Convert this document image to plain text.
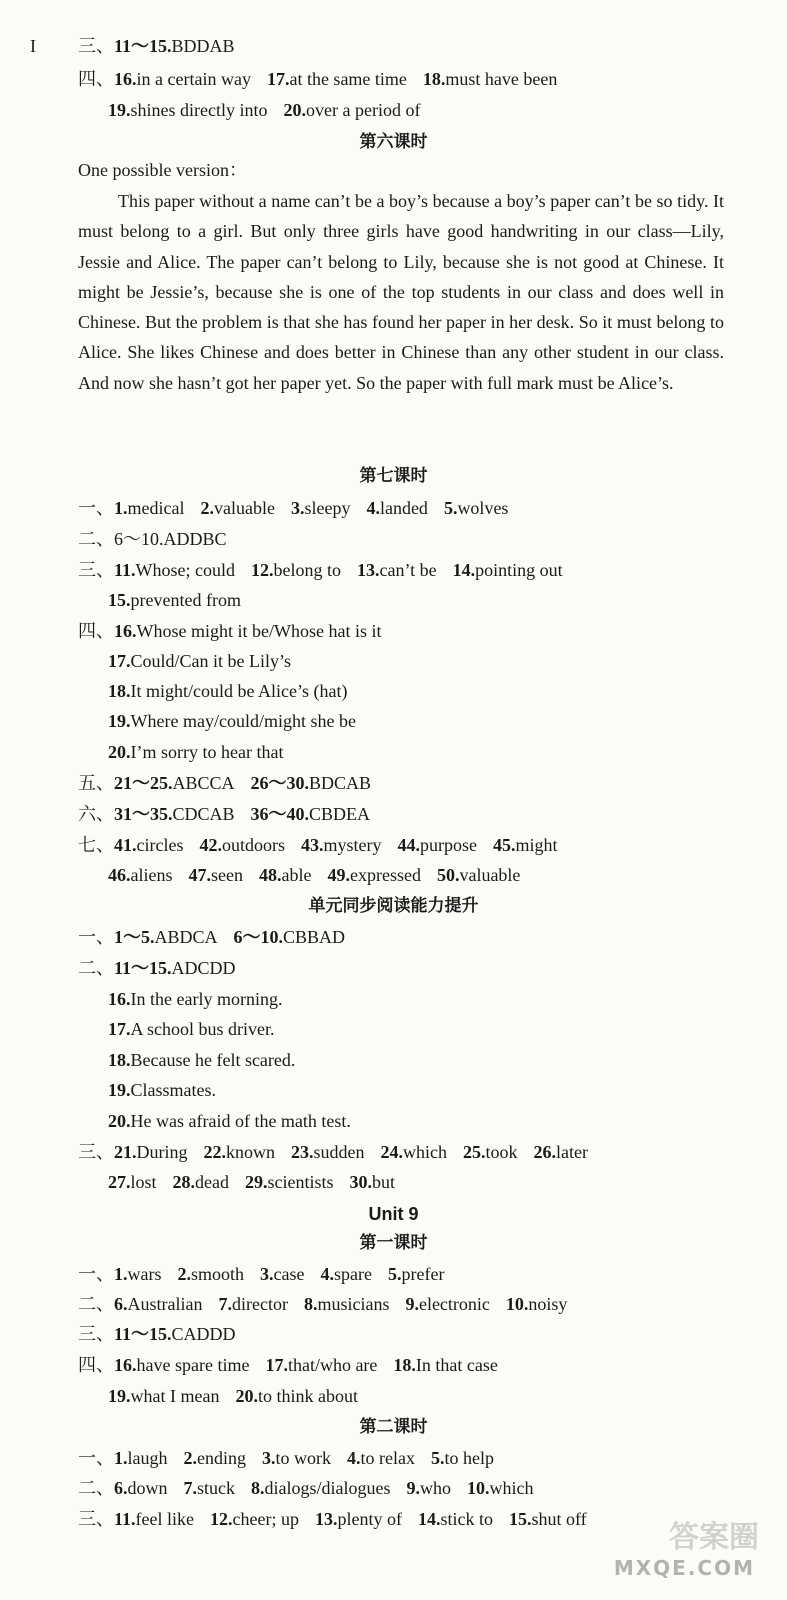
I 三、11～15.BDDAB
四、16.in a certain way 17.at the same time 18.must have been
19.shines directly into 20.over a period of
第六课时
One possible version：
This paper without a name can’t be a boy’s because a boy’s paper can’t be so tidy. It must belong to a girl. But only three girls have good handwriting in our class—Lily, Jessie and Alice. The paper can’t belong to Lily, because she is not good at Chinese. It might be Jessie’s, because she is one of the top students in our class and does well in Chinese. But the problem is that she has found her paper in her desk. So it must belong to Alice. She likes Chinese and does better in Chinese than any other student in our class. And now she hasn’t got her paper yet. So the paper with full mark must be Alice’s.
第七课时
一、1.medical 2.valuable 3.sleepy 4.landed 5.wolves
二、6～10.ADDBC
三、11.Whose; could 12.belong to 13.can’t be 14.pointing out
15.prevented from
四、16.Whose might it be/Whose hat is it
17.Could/Can it be Lily’s
18.It might/could be Alice’s (hat)
19.Where may/could/might she be
20.I’m sorry to hear that
五、21～25.ABCCA 26～30.BDCAB
六、31～35.CDCAB 36～40.CBDEA
七、41.circles 42.outdoors 43.mystery 44.purpose 45.might
46.aliens 47.seen 48.able 49.expressed 50.valuable
单元同步阅读能力提升
一、1～5.ABDCA 6～10.CBBAD
二、11～15.ADCDD
16.In the early morning.
17.A school bus driver.
18.Because he felt scared.
19.Classmates.
20.He was afraid of the math test.
三、21.During 22.known 23.sudden 24.which 25.took 26.later
27.lost 28.dead 29.scientists 30.but
Unit 9
第一课时
一、1.wars 2.smooth 3.case 4.spare 5.prefer
二、6.Australian 7.director 8.musicians 9.electronic 10.noisy
三、11～15.CADDD
四、16.have spare time 17.that/who are 18.In that case
19.what I mean 20.to think about
第二课时
一、1.laugh 2.ending 3.to work 4.to relax 5.to help
二、6.down 7.stuck 8.dialogs/dialogues 9.who 10.which
三、11.feel like 12.cheer; up 13.plenty of 14.stick to 15.shut off
答案圈
MXQE.COM
